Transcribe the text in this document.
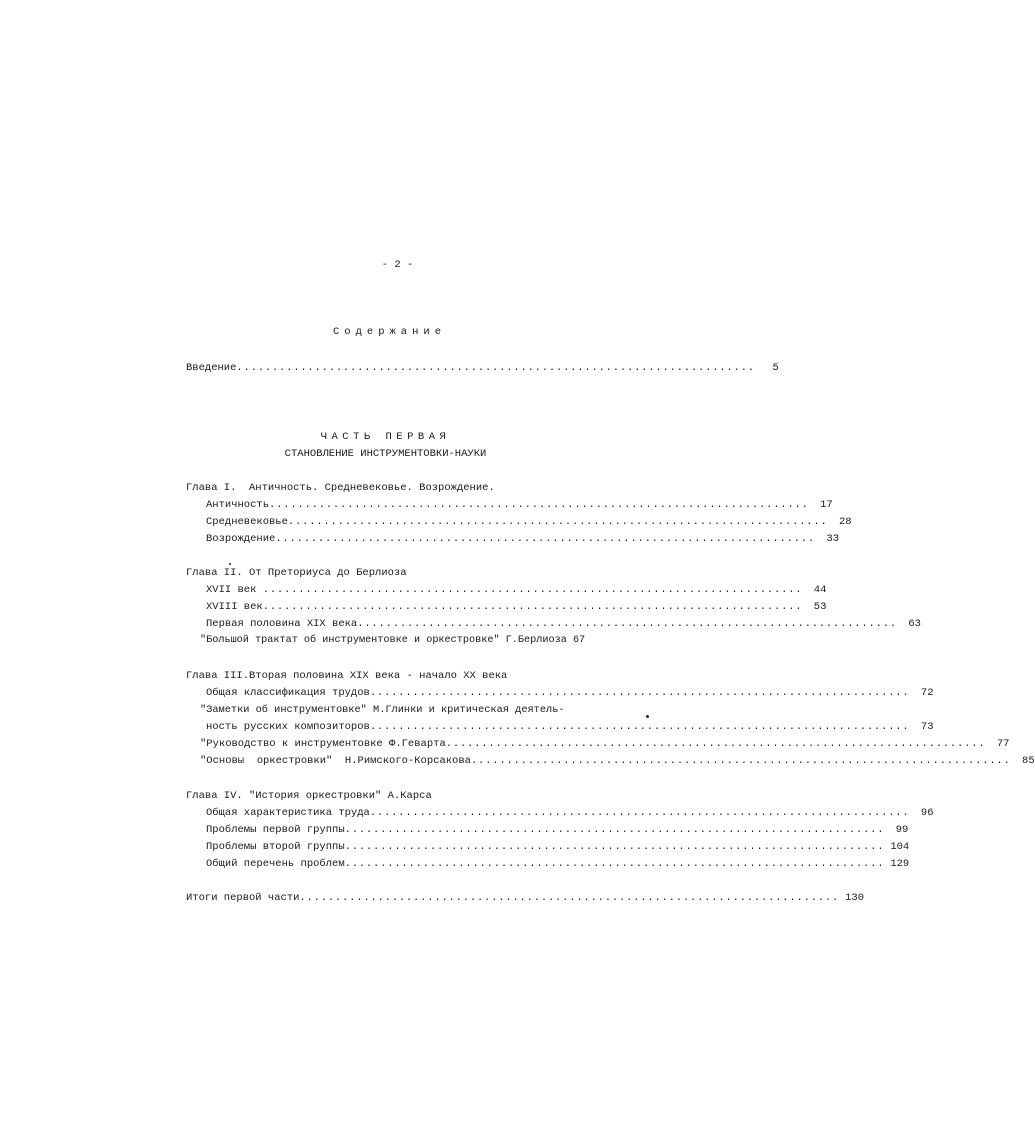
- 2 -
Содержание
Введение .........................................................................	5
ЧАСТЬ ПЕРВАЯ
СТАНОВЛЕНИЕ ИНСТРУМЕНТОВКИ-НАУКИ
Глава I.  Античность. Средневековье. Возрождение.
Античность ............................................................................	17
Средневековье ............................................................................	28
Возрождение ............................................................................	33
Глава II. От Преториуса до Берлиоза
XVII век ............................................................................	44
XVIII век ............................................................................	53
Первая половина XIX века ............................................................................	63
"Большой трактат об инструментовке и оркестровке" Г.Берлиоза 67
Глава III.Вторая половина XIX века - начало XX века
Общая классификация трудов ............................................................................	72
"Заметки об инструментовке" М.Глинки и критическая деятель-
ность русских композиторов ............................................................................	73
"Руководство к инструментовке Ф.Геварта ............................................................................	77
"Основы  оркестровки"  Н.Римского-Корсакова ............................................................................	85
Глава IV. "История оркестровки" А.Карса
Общая характеристика труда ............................................................................	96
Проблемы первой группы ............................................................................	99
Проблемы второй группы ............................................................................ 104
Общий перечень проблем ............................................................................ 129
Итоги первой части ............................................................................ 130
